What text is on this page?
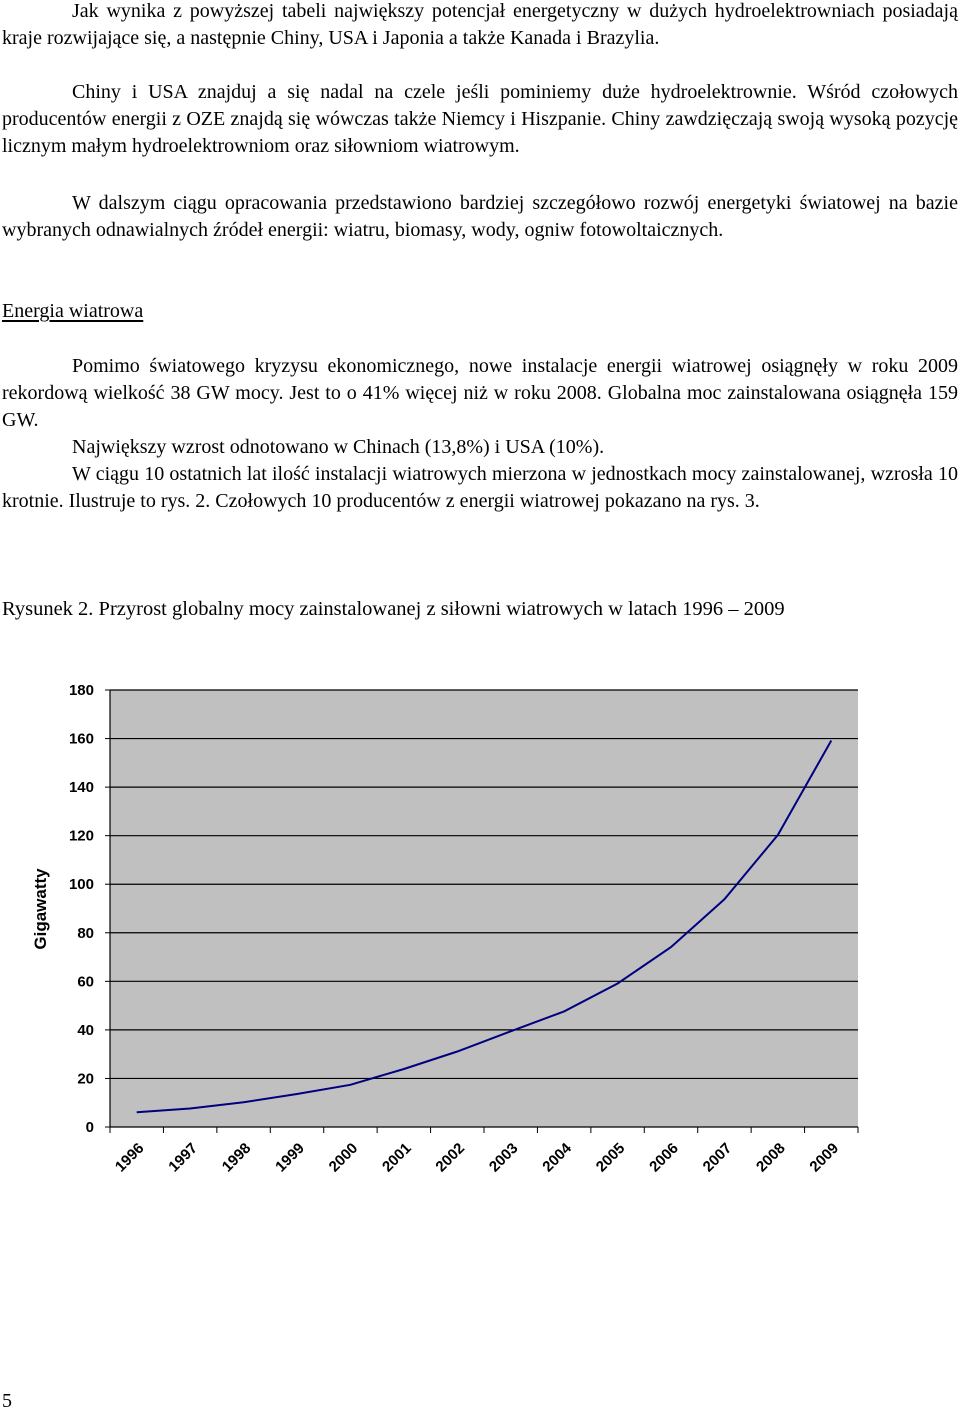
Jak wynika z powyższej tabeli największy potencjał energetyczny w dużych hydroelektrowniach posiadają kraje rozwijające się, a następnie Chiny, USA i Japonia a także Kanada i Brazylia.

Chiny i USA znajduj a się nadal na czele jeśli pominiemy duże hydroelektrownie. Wśród czołowych producentów energii z OZE znajdą się wówczas także Niemcy i Hiszpanie. Chiny zawdzięczają swoją wysoką pozycję licznym małym hydroelektrowniom oraz siłowniom wiatrowym.

W dalszym ciągu opracowania przedstawiono bardziej szczegółowo rozwój energetyki światowej na bazie wybranych odnawialnych źródeł energii: wiatru, biomasy, wody, ogniw fotowoltaicznych.

Energia wiatrowa

Pomimo światowego kryzysu ekonomicznego, nowe instalacje energii wiatrowej osiągnęły w roku 2009 rekordową wielkość 38 GW mocy. Jest to o 41% więcej niż w roku 2008. Globalna moc zainstalowana osiągnęła 159 GW.

Największy wzrost odnotowano w Chinach (13,8%) i USA (10%).

W ciągu 10 ostatnich lat ilość instalacji wiatrowych mierzona w jednostkach mocy zainstalowanej, wzrosła 10 krotnie. Ilustruje to rys. 2. Czołowych 10 producentów z energii wiatrowej pokazano na rys. 3.

Rysunek 2. Przyrost globalny mocy zainstalowanej z siłowni wiatrowych w latach 1996 – 2009

0
20
40
60
80
100
120
140
160
180
1996 1997 1998 1999 2000 2001 2002 2003 2004 2005 2006 2007 2008 2009
Gigawatty

5
